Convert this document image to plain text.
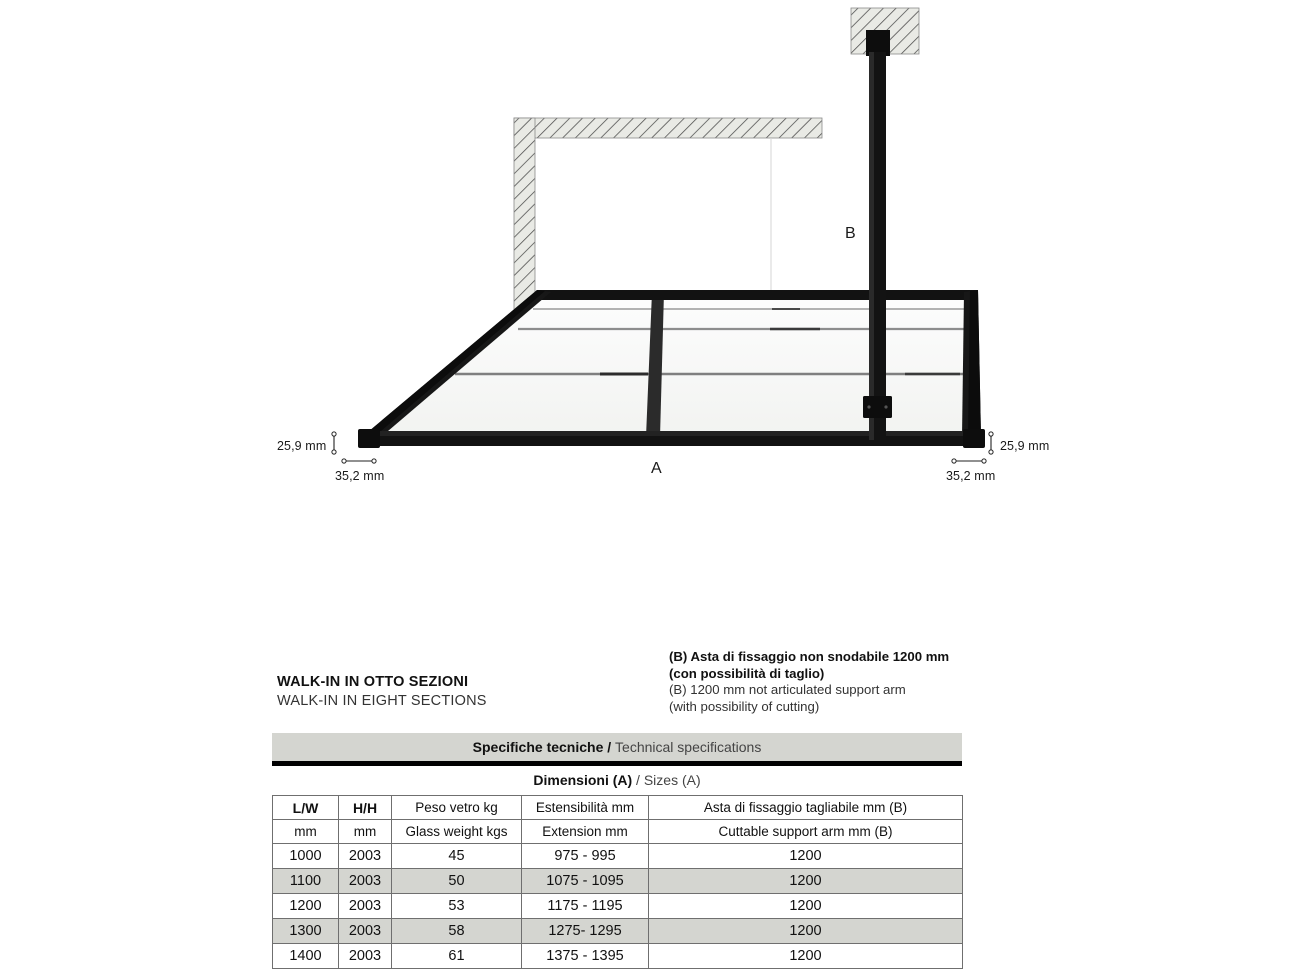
25,9 mm
35,2 mm
25,9 mm
35,2 mm
B
A
WALK-IN IN OTTO SEZIONI
WALK-IN IN EIGHT SECTIONS
(B) Asta di fissaggio non snodabile 1200 mm
(con possibilità di taglio)
(B) 1200 mm not articulated support arm
(with possibility of cutting)
Specifiche tecniche / Technical specifications
Dimensioni (A) / Sizes (A)
L/W	H/H	Peso vetro kg	Estensibilità mm	Asta di fissaggio tagliabile mm (B)
mm	mm	Glass weight kgs	Extension mm	Cuttable support arm mm (B)
1000	2003	45	975 - 995	1200
1100	2003	50	1075 - 1095	1200
1200	2003	53	1175 - 1195	1200
1300	2003	58	1275- 1295	1200
1400	2003	61	1375 - 1395	1200
